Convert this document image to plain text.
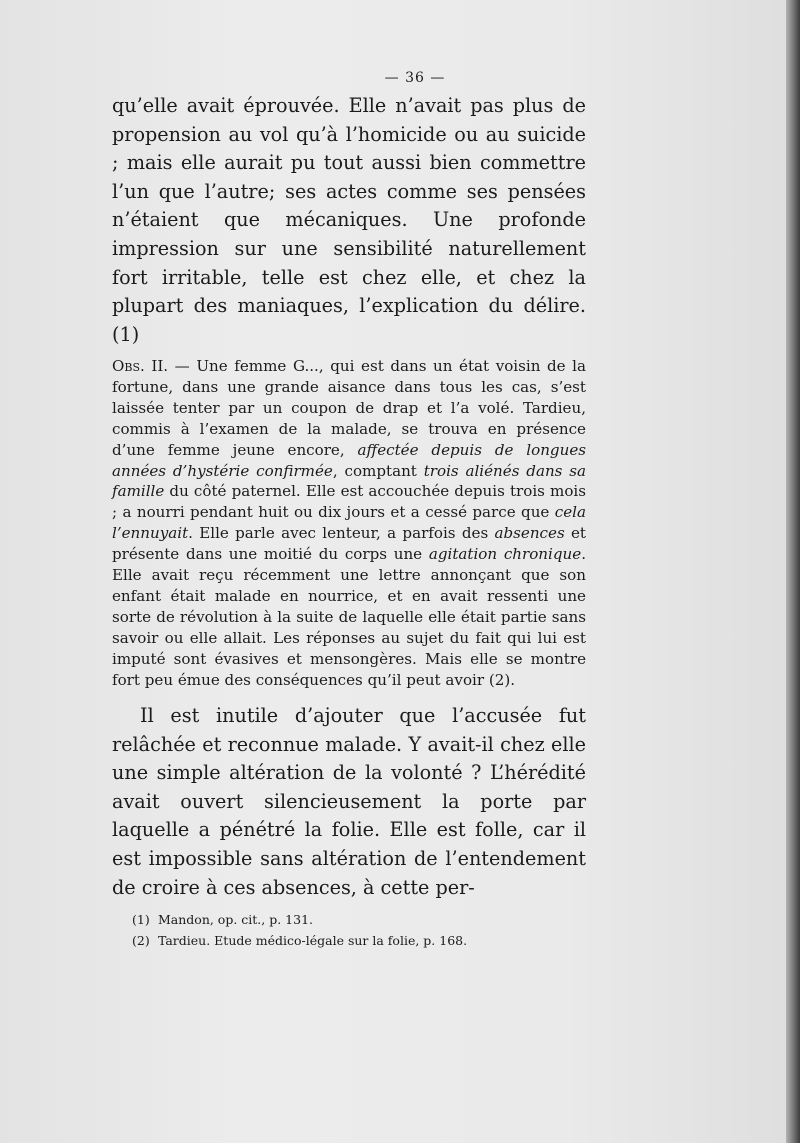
— 36 —

qu’elle avait éprouvée. Elle n’avait pas plus de propension au vol qu’à l’homicide ou au suicide ; mais elle aurait pu tout aussi bien commettre l’un que l’autre; ses actes comme ses pensées n’étaient que mécaniques. Une profonde impression sur une sensibilité naturellement fort irritable, telle est chez elle, et chez la plupart des maniaques, l’explication du délire. (1)

Obs. II. — Une femme G..., qui est dans un état voisin de la fortune, dans une grande aisance dans tous les cas, s’est laissée tenter par un coupon de drap et l’a volé. Tardieu, commis à l’examen de la malade, se trouva en présence d’une femme jeune encore, affectée depuis de longues années d’hystérie confirmée, comptant trois aliénés dans sa famille du côté paternel. Elle est accouchée depuis trois mois ; a nourri pendant huit ou dix jours et a cessé parce que cela l’ennuyait. Elle parle avec lenteur, a parfois des absences et présente dans une moitié du corps une agitation chronique. Elle avait reçu récemment une lettre annonçant que son enfant était malade en nourrice, et en avait ressenti une sorte de révolution à la suite de laquelle elle était partie sans savoir ou elle allait. Les réponses au sujet du fait qui lui est imputé sont évasives et mensongères. Mais elle se montre fort peu émue des conséquences qu’il peut avoir (2).

Il est inutile d’ajouter que l’accusée fut relâchée et reconnue malade. Y avait-il chez elle une simple altération de la volonté ? L’hérédité avait ouvert silencieusement la porte par laquelle a pénétré la folie. Elle est folle, car il est impossible sans altération de l’entendement de croire à ces absences, à cette per-

(1) Mandon, op. cit., p. 131.
(2) Tardieu. Etude médico-légale sur la folie, p. 168.
